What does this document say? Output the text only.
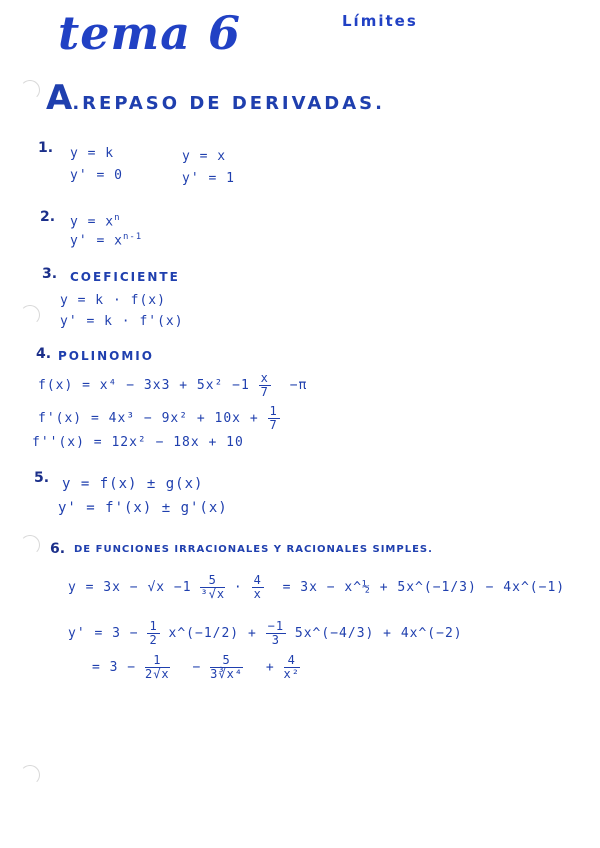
tema 6	Límites
A.REPASO DE DERIVADAS.
1. y = k
y' = 0
y = x
y' = 1
2. $y = x^n$
$y' = x^{n-1}$
3. COEFICIENTE
y = k · f(x)
y' = k · f'(x)
4. POLINOMIO
$f(x) = x^4 - 3x3 + 5x^2 -1 \frac{x}{7} -\pi$
$f'(x) = 4x^3 - 9x^2 + 10x + \frac{1}{7}$
f''(x) = 12x² − 18x + 10
5. y = f(x) ± g(x)
y' = f'(x) ± g'(x)
6. DE FUNCIONES IRRACIONALES Y RACIONALES SIMPLES.
$y = 3x - √x -1 \frac{5}{\text{³√x}} \cdot \frac{4}{x} = 3x$ − x^½ + 5x^(−1/3) − 4x^(−1)
$y' = 3 - \frac{1}{2}$ x^(−1/2) + $\frac{-1}{3}$ 5x^(−4/3) + 4x^(−2)
= $3 - \frac{1}{2√x} - \frac{5}{\text{3∛x⁴}} + \frac{4}{\text{x²}}$
